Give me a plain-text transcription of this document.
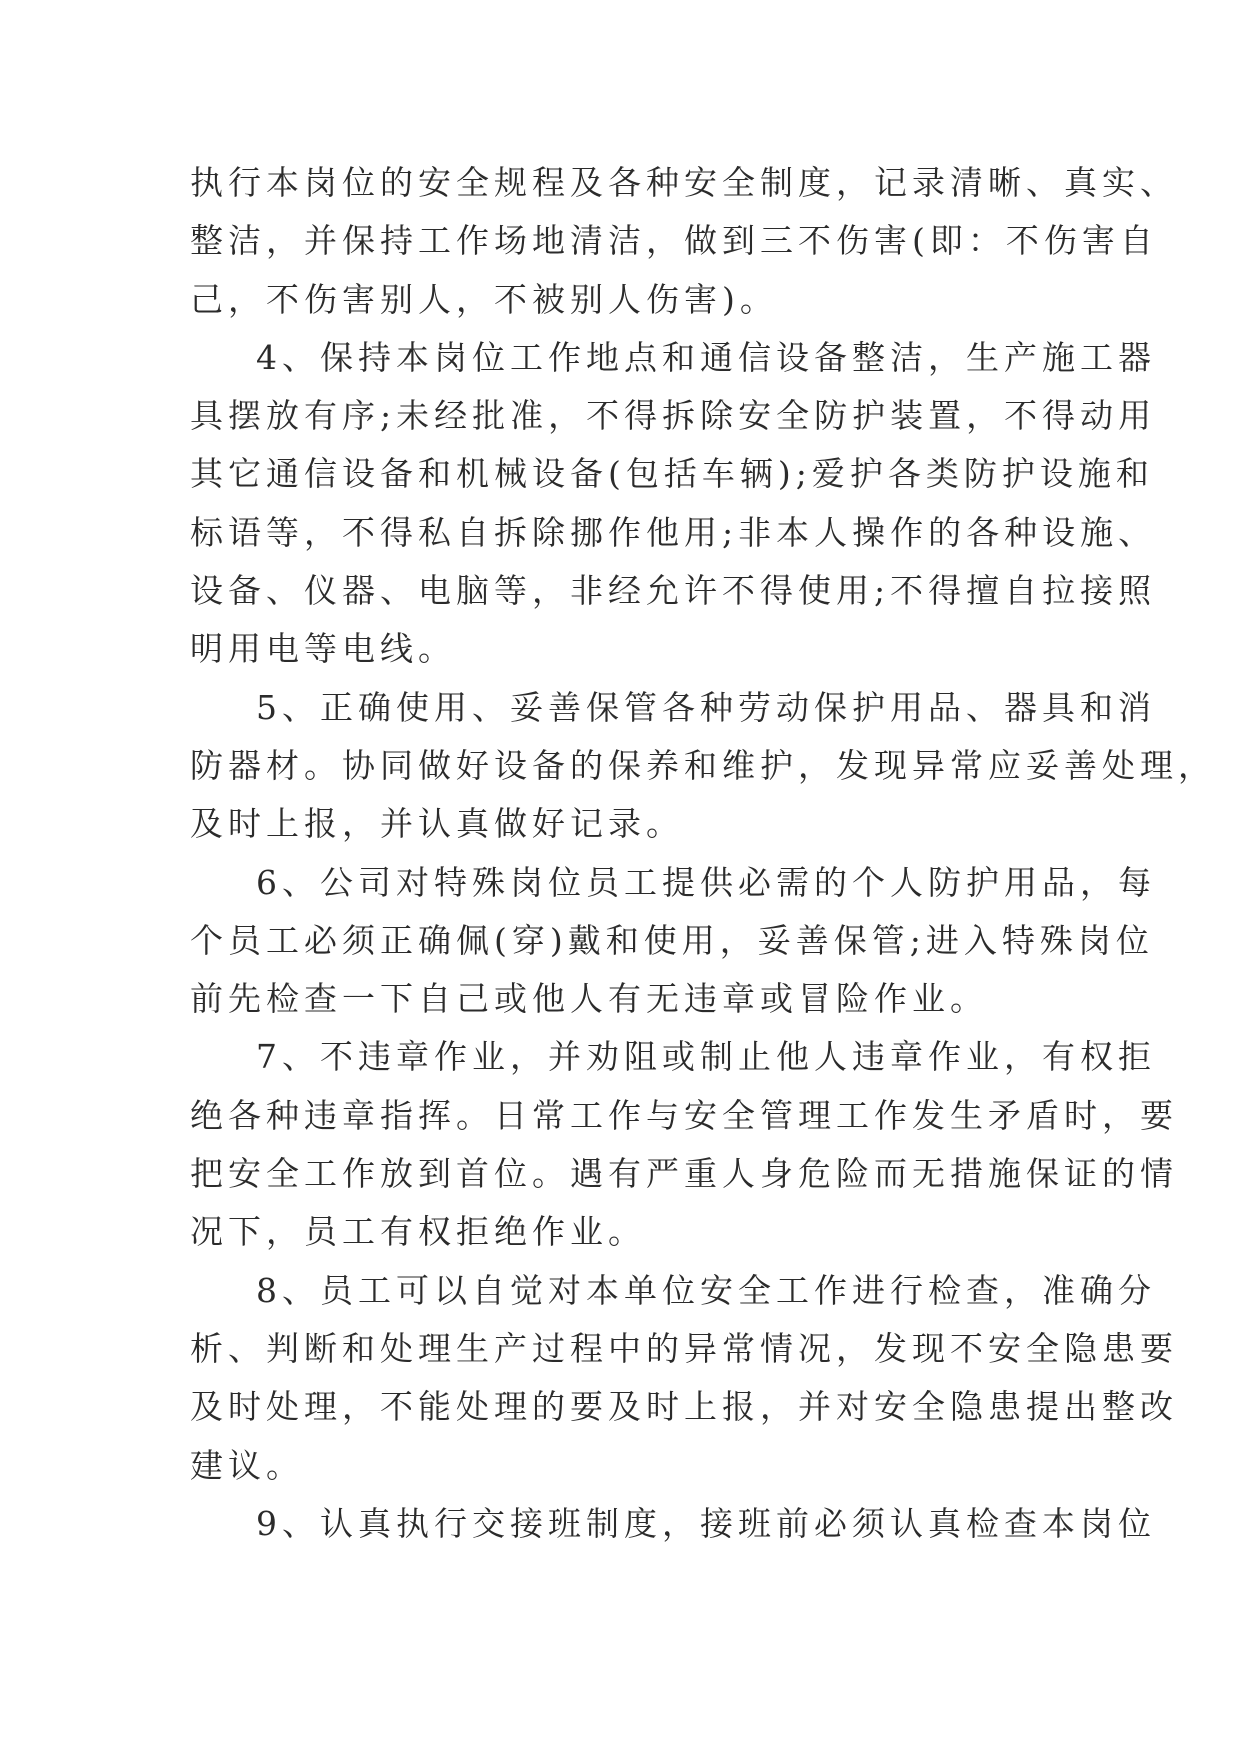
执行本岗位的安全规程及各种安全制度，记录清晰、真实、
整洁，并保持工作场地清洁，做到三不伤害(即：不伤害自
己，不伤害别人，不被别人伤害)。
4、保持本岗位工作地点和通信设备整洁，生产施工器
具摆放有序;未经批准，不得拆除安全防护装置，不得动用
其它通信设备和机械设备(包括车辆);爱护各类防护设施和
标语等，不得私自拆除挪作他用;非本人操作的各种设施、
设备、仪器、电脑等，非经允许不得使用;不得擅自拉接照
明用电等电线。
5、正确使用、妥善保管各种劳动保护用品、器具和消
防器材。协同做好设备的保养和维护，发现异常应妥善处理，
及时上报，并认真做好记录。
6、公司对特殊岗位员工提供必需的个人防护用品，每
个员工必须正确佩(穿)戴和使用，妥善保管;进入特殊岗位
前先检查一下自己或他人有无违章或冒险作业。
7、不违章作业，并劝阻或制止他人违章作业，有权拒
绝各种违章指挥。日常工作与安全管理工作发生矛盾时，要
把安全工作放到首位。遇有严重人身危险而无措施保证的情
况下，员工有权拒绝作业。
8、员工可以自觉对本单位安全工作进行检查，准确分
析、判断和处理生产过程中的异常情况，发现不安全隐患要
及时处理，不能处理的要及时上报，并对安全隐患提出整改
建议。
9、认真执行交接班制度，接班前必须认真检查本岗位
